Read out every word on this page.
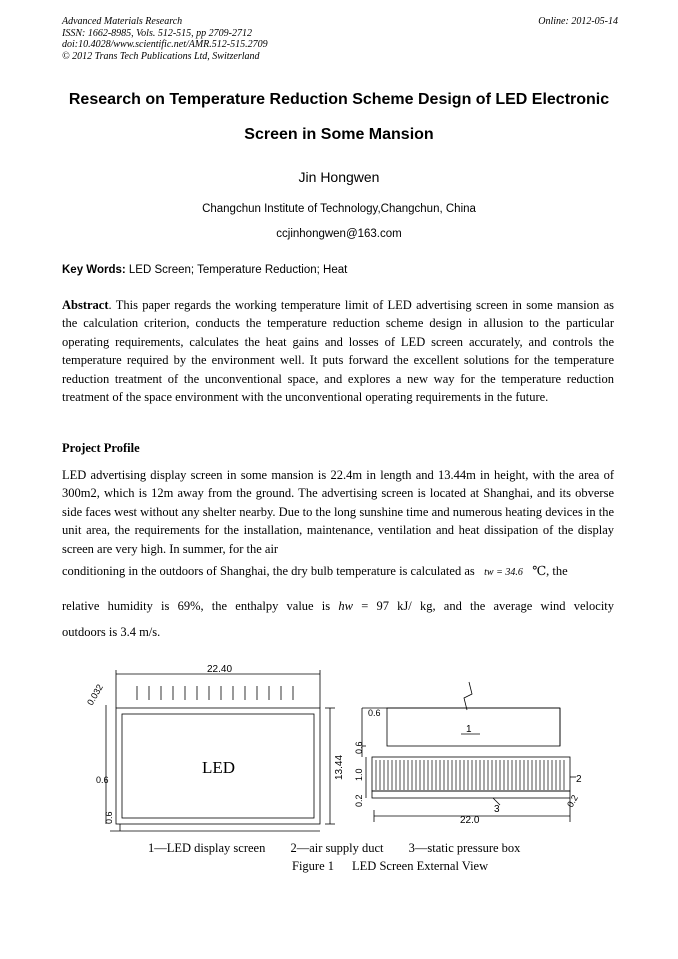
Advanced Materials Research
ISSN: 1662-8985, Vols. 512-515, pp 2709-2712
doi:10.4028/www.scientific.net/AMR.512-515.2709
© 2012 Trans Tech Publications Ltd, Switzerland
Online: 2012-05-14
Research on Temperature Reduction Scheme Design of LED Electronic
Screen in Some Mansion
Jin Hongwen
Changchun Institute of Technology,Changchun, China
ccjinhongwen@163.com
Key Words: LED Screen; Temperature Reduction; Heat
Abstract. This paper regards the working temperature limit of LED advertising screen in some mansion as the calculation criterion, conducts the temperature reduction scheme design in allusion to the particular operating requirements, calculates the heat gains and losses of LED screen accurately, and controls the temperature required by the environment well. It puts forward the excellent solutions for the temperature reduction treatment of the unconventional space, and explores a new way for the temperature reduction treatment of the space environment with the unconventional operating requirements in the future.
Project Profile
LED advertising display screen in some mansion is 22.4m in length and 13.44m in height, with the area of 300m2, which is 12m away from the ground. The advertising screen is located at Shanghai, and its obverse side faces west without any shelter nearby. Due to the long sunshine time and numerous heating devices in the unit area, the requirements for the installation, maintenance, ventilation and heat dissipation of the display screen are very high. In summer, for the air
conditioning in the outdoors of Shanghai, the dry bulb temperature is calculated as tw = 34.6 ℃, the
relative humidity is 69%, the enthalpy value is hw = 97 kJ/ kg, and the average wind velocity
outdoors is 3.4 m/s.
22.40
0.032
13.44
0.6
0.6
LED
0.6
0.6
1.0
0.2	0.2
22.0
1
2
3
1—LED display screen 2—air supply duct 3—static pressure box
Figure 1 LED Screen External View
